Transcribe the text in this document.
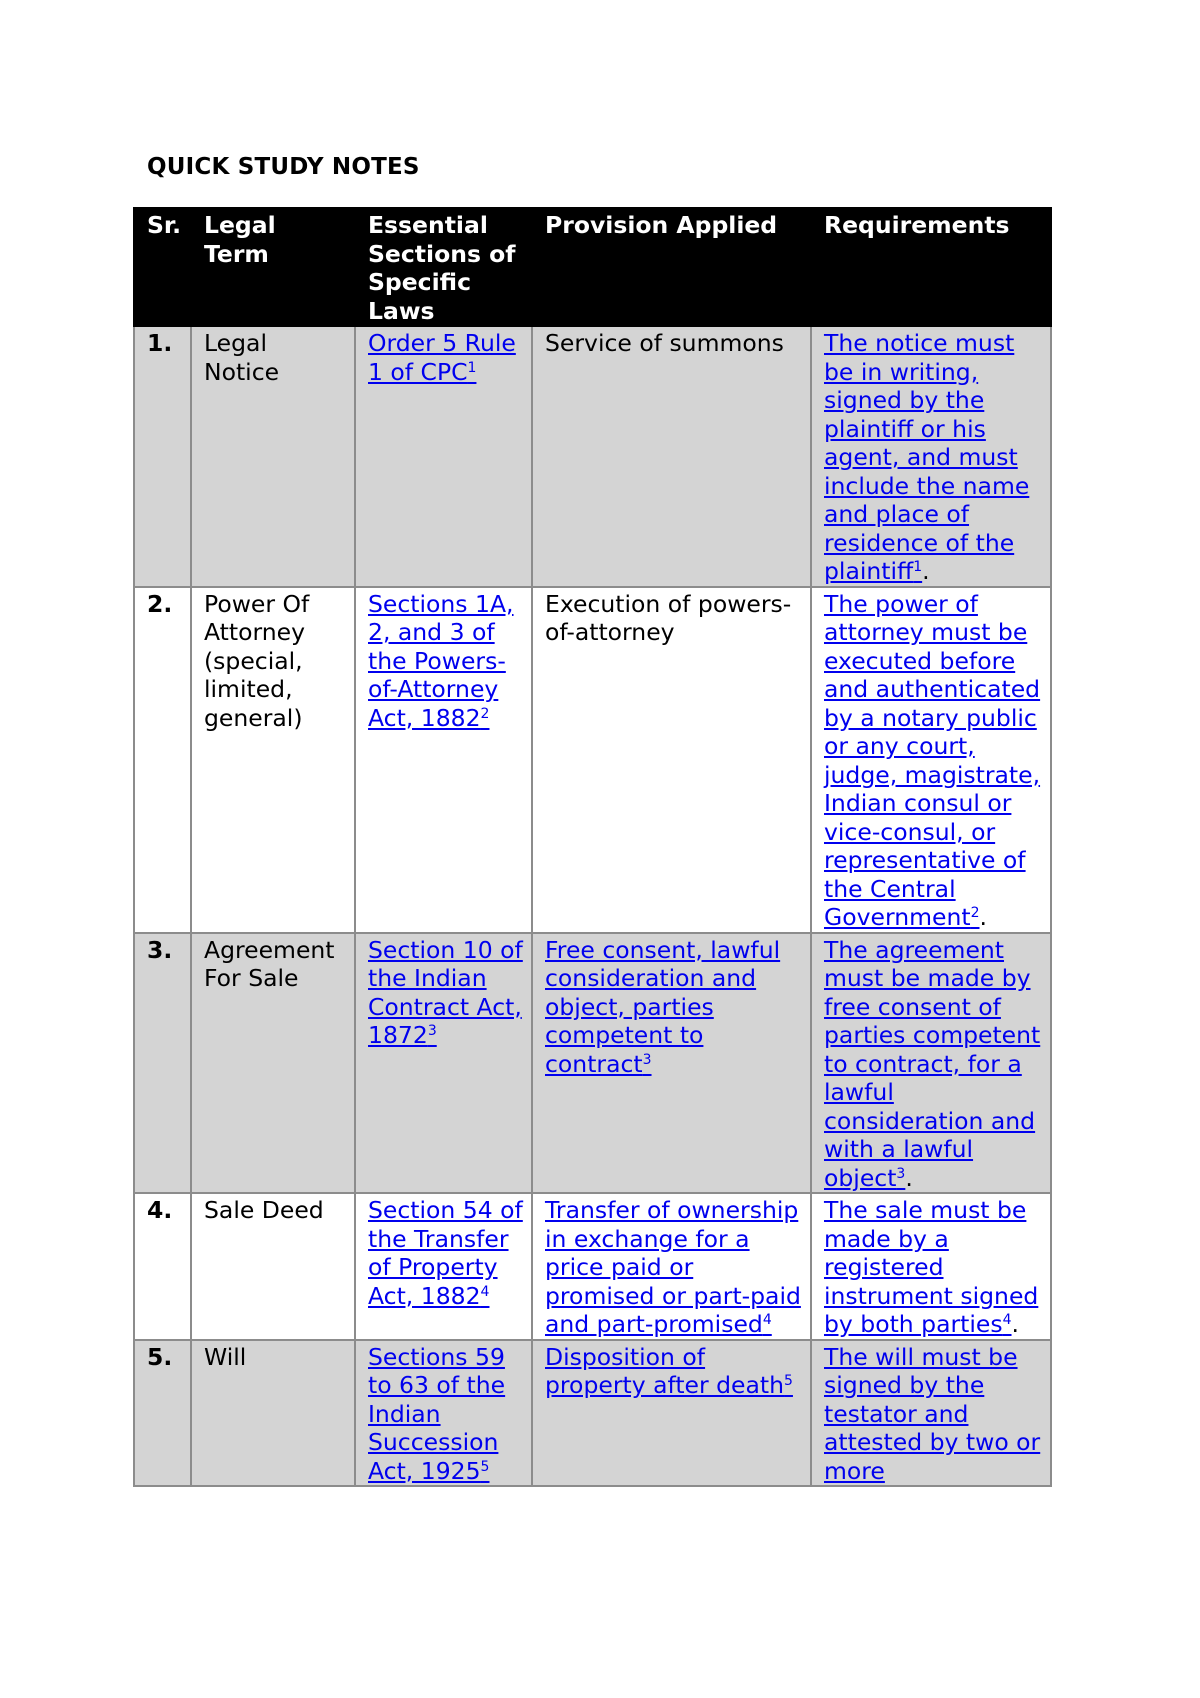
QUICK STUDY NOTES
Sr.	Legal Term	Essential Sections of Specific Laws	Provision Applied	Requirements
1.	Legal Notice	Order 5 Rule 1 of CPC$^1$	Service of summons	The notice must be in writing, signed by the plaintiff or his agent, and must include the name and place of residence of the plaintiff$^1$.
2.	Power Of Attorney (special, limited, general)	Sections 1A, 2, and 3 of the Powers-of-Attorney Act, 1882$^2$	Execution of powers-of-attorney	The power of attorney must be executed before and authenticated by a notary public or any court, judge, magistrate, Indian consul or vice-consul, or representative of the Central Government$^2$.
3.	Agreement For Sale	Section 10 of the Indian Contract Act, 1872$^3$	Free consent, lawful consideration and object, parties competent to contract$^3$	The agreement must be made by free consent of parties competent to contract, for a lawful consideration and with a lawful object$^3$.
4.	Sale Deed	Section 54 of the Transfer of Property Act, 1882$^4$	Transfer of ownership in exchange for a price paid or promised or part-paid and part-promised$^4$	The sale must be made by a registered instrument signed by both parties$^4$.
5.	Will	Sections 59 to 63 of the Indian Succession Act, 1925$^5$	Disposition of property after death$^5$	The will must be signed by the testator and attested by two or more
